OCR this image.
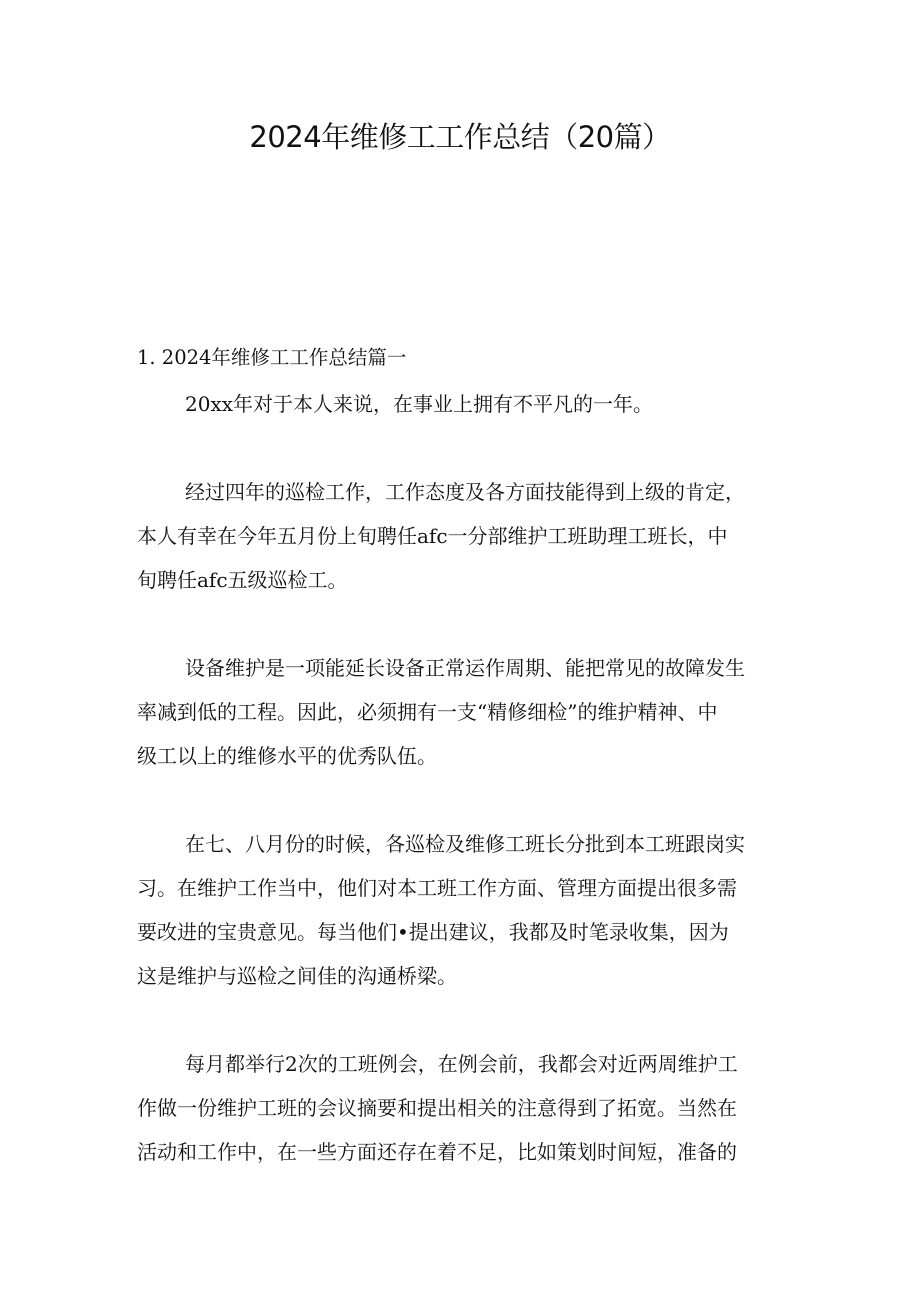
2024年维修工工作总结（20篇）
1. 2024年维修工工作总结篇一

20xx年对于本人来说，在事业上拥有不平凡的一年。

经过四年的巡检工作，工作态度及各方面技能得到上级的肯定，
本人有幸在今年五月份上旬聘任afc一分部维护工班助理工班长，中
旬聘任afc五级巡检工。

设备维护是一项能延长设备正常运作周期、能把常见的故障发生
率减到低的工程。因此，必须拥有一支“精修细检”的维护精神、中
级工以上的维修水平的优秀队伍。

在七、八月份的时候，各巡检及维修工班长分批到本工班跟岗实
习。在维护工作当中，他们对本工班工作方面、管理方面提出很多需
要改进的宝贵意见。每当他们•提出建议，我都及时笔录收集，因为
这是维护与巡检之间佳的沟通桥梁。

每月都举行2次的工班例会，在例会前，我都会对近两周维护工
作做一份维护工班的会议摘要和提出相关的注意得到了拓宽。当然在
活动和工作中，在一些方面还存在着不足，比如策划时间短，准备的
